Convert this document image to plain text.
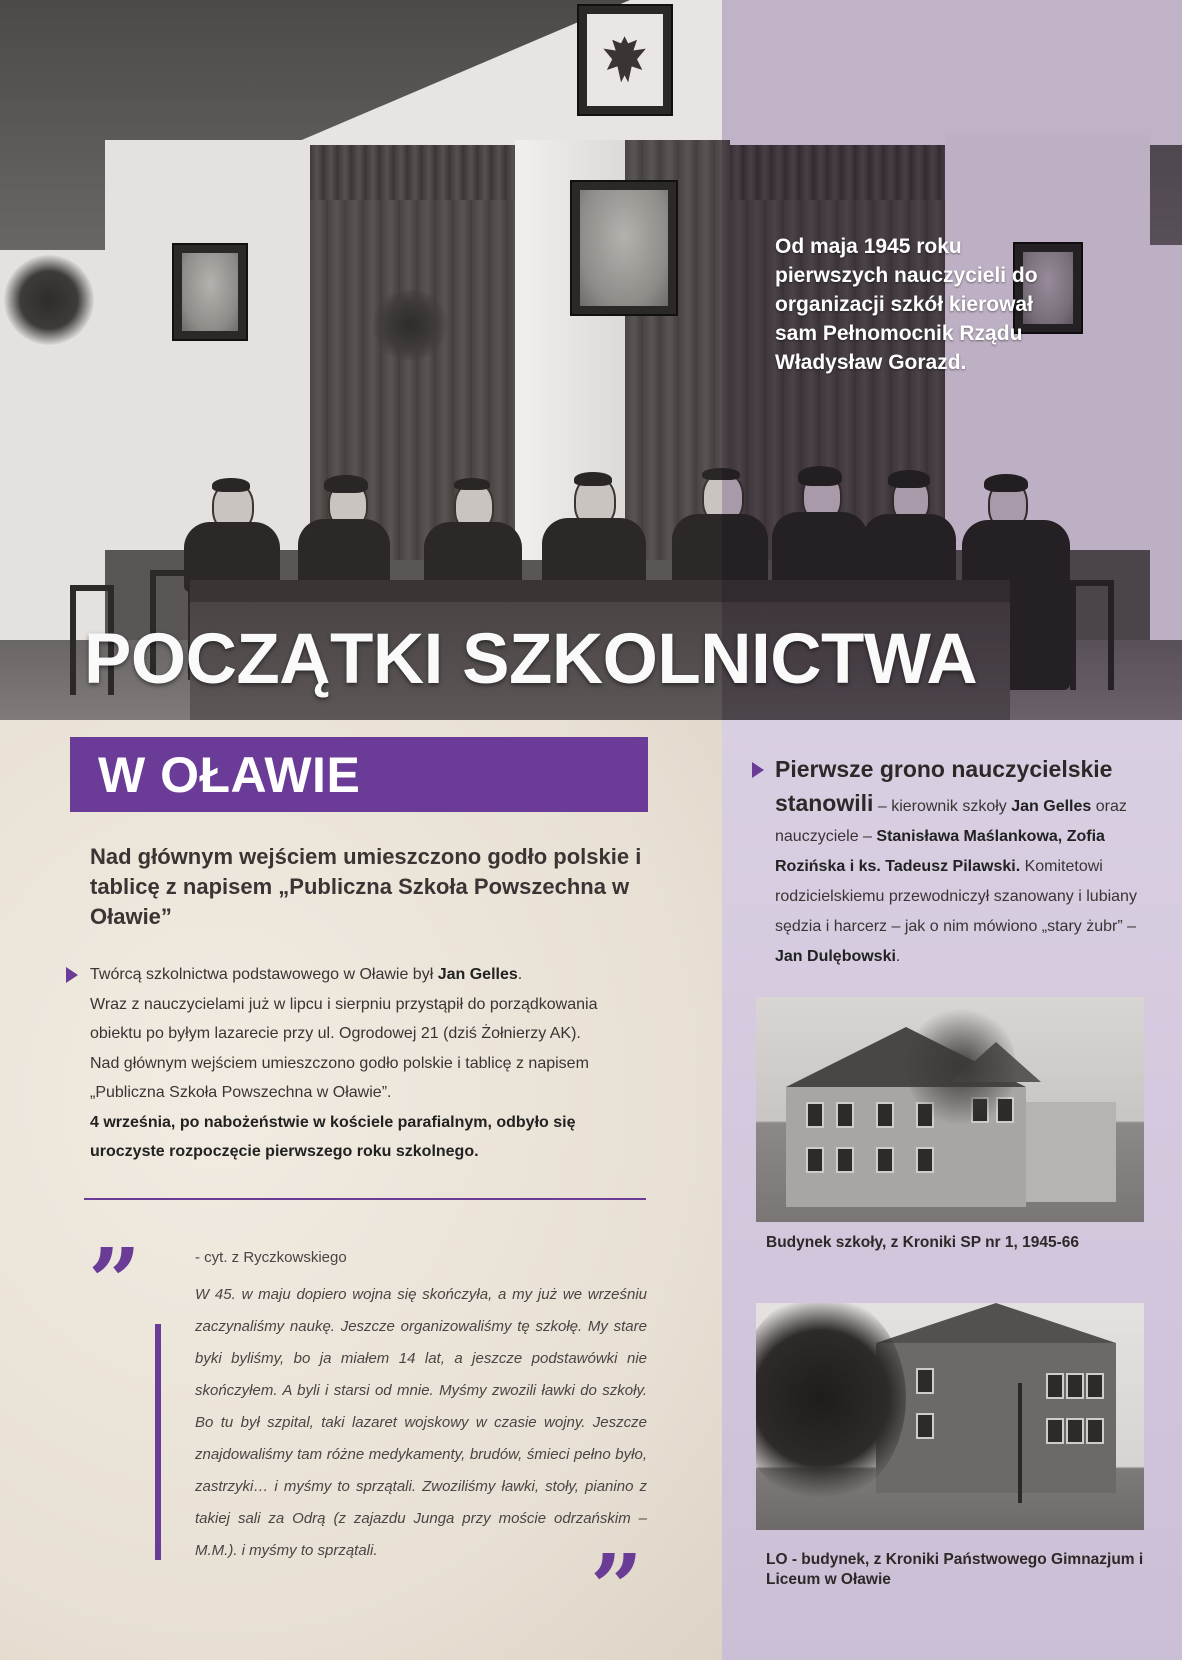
Od maja 1945 roku pierwszych nauczycieli do organizacji szkół kierował sam Pełnomocnik Rządu Władysław Gorazd.
POCZĄTKI SZKOLNICTWA
W OŁAWIE

Nad głównym wejściem umieszczono godło polskie i tablicę z napisem „Publiczna Szkoła Powszechna w Oławie”

Twórcą szkolnictwa podstawowego w Oławie był Jan Gelles.

Wraz z nauczycielami już w lipcu i sierpniu przystąpił do porządkowania obiektu po byłym lazarecie przy ul. Ogrodowej 21 (dziś Żołnierzy AK).

Nad głównym wejściem umieszczono godło polskie i tablicę z napisem „Publiczna Szkoła Powszechna w Oławie”.

4 września, po nabożeństwie w kościele parafialnym, odbyło się uroczyste rozpoczęcie pierwszego roku szkolnego.

”	- cyt. z Ryczkowskiego

W 45. w maju dopiero wojna się skończyła, a my już we wrześniu zaczynaliśmy naukę. Jeszcze organizowaliśmy tę szkołę. My stare byki byliśmy, bo ja miałem 14 lat, a jeszcze podstawówki nie skończyłem. A byli i starsi od mnie. Myśmy zwozili ławki do szkoły. Bo tu był szpital, taki lazaret wojskowy w czasie wojny. Jeszcze znajdowaliśmy tam różne medykamenty, brudów, śmieci pełno było, zastrzyki… i myśmy to sprzątali. Zwoziliśmy ławki, stoły, pianino z takiej sali za Odrą (z zajazdu Junga przy moście odrzańskim – M.M.). i myśmy to sprzątali.	”
Pierwsze grono nauczycielskie stanowili – kierownik szkoły Jan Gelles oraz nauczyciele – Stanisława Maślankowa, Zofia Rozińska i ks. Tadeusz Pilawski. Komitetowi rodzicielskiemu przewodniczył szanowany i lubiany sędzia i harcerz – jak o nim mówiono „stary żubr” – Jan Dulębowski.
Budynek szkoły, z Kroniki SP nr 1, 1945-66
LO - budynek, z Kroniki Państwowego Gimnazjum i Liceum w Oławie
